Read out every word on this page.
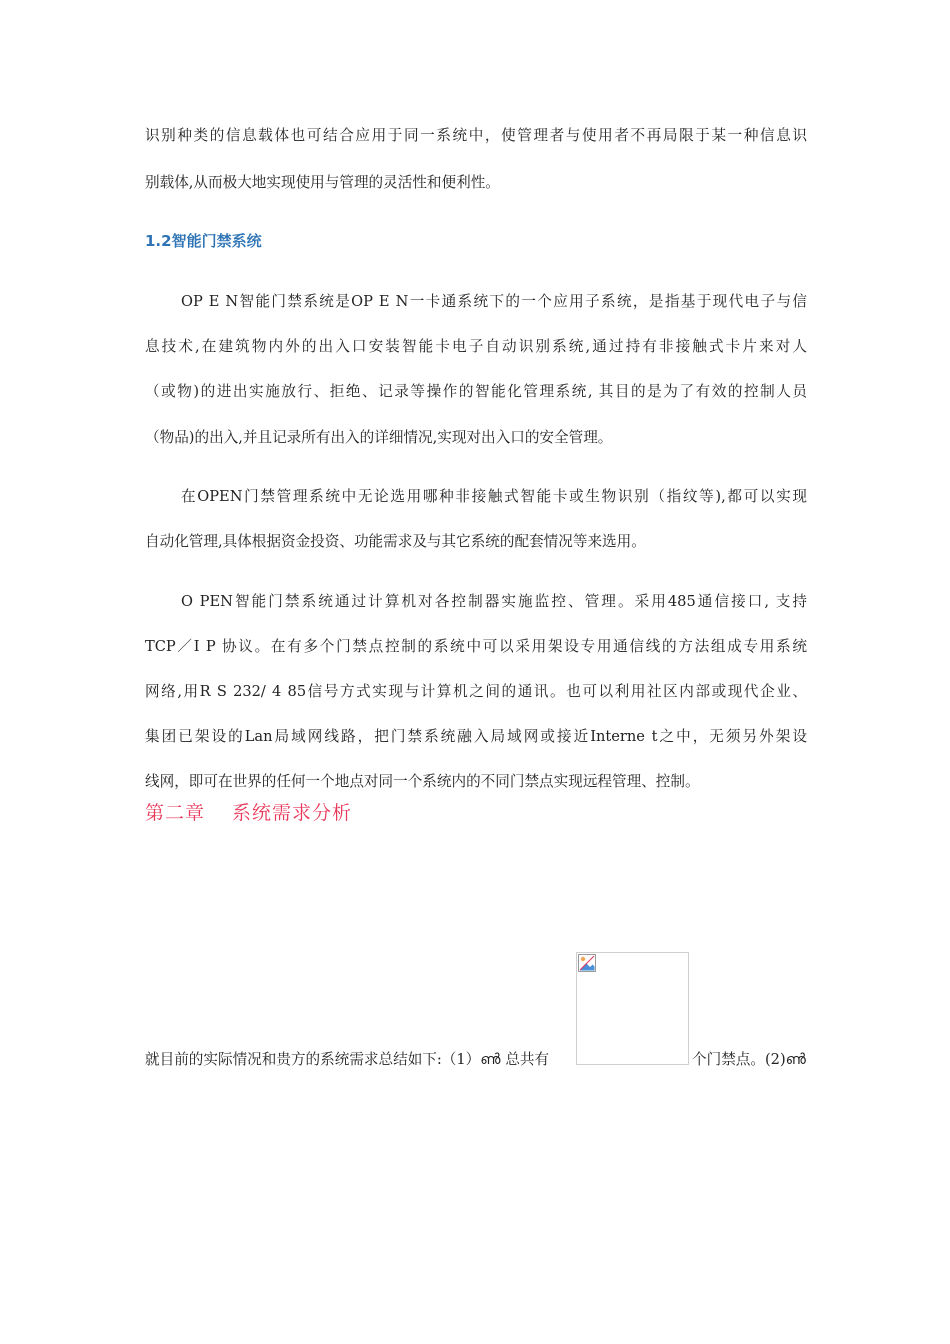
识别种类的信息载体也可结合应用于同一系统中，使管理者与使用者不再局限于某一种信息识
别载体,从而极大地实现使用与管理的灵活性和便利性。
1.2智能门禁系统
OP E N智能门禁系统是OP E N一卡通系统下的一个应用子系统，是指基于现代电子与信
息技术,在建筑物内外的出入口安装智能卡电子自动识别系统,通过持有非接触式卡片来对人
（或物)的进出实施放行、拒绝、记录等操作的智能化管理系统, 其目的是为了有效的控制人员
（物品)的出入,并且记录所有出入的详细情况,实现对出入口的安全管理。
在OPEN门禁管理系统中无论选用哪种非接触式智能卡或生物识别（指纹等),都可以实现
自动化管理,具体根据资金投资、功能需求及与其它系统的配套情况等来选用。
O PEN智能门禁系统通过计算机对各控制器实施监控、管理。采用485通信接口, 支持
TCP／I P 协议。在有多个门禁点控制的系统中可以采用架设专用通信线的方法组成专用系统
网络,用R S 232/ 4 85信号方式实现与计算机之间的通讯。也可以利用社区内部或现代企业、
集团已架设的Lan局域网线路，把门禁系统融入局域网或接近Interne t之中，无须另外架设
线网，即可在世界的任何一个地点对同一个系统内的不同门禁点实现远程管理、控制。
第二章　 系统需求分析
就目前的实际情况和贵方的系统需求总结如下:（1）ൺ 总共有	个门禁点。(2)ൺ
